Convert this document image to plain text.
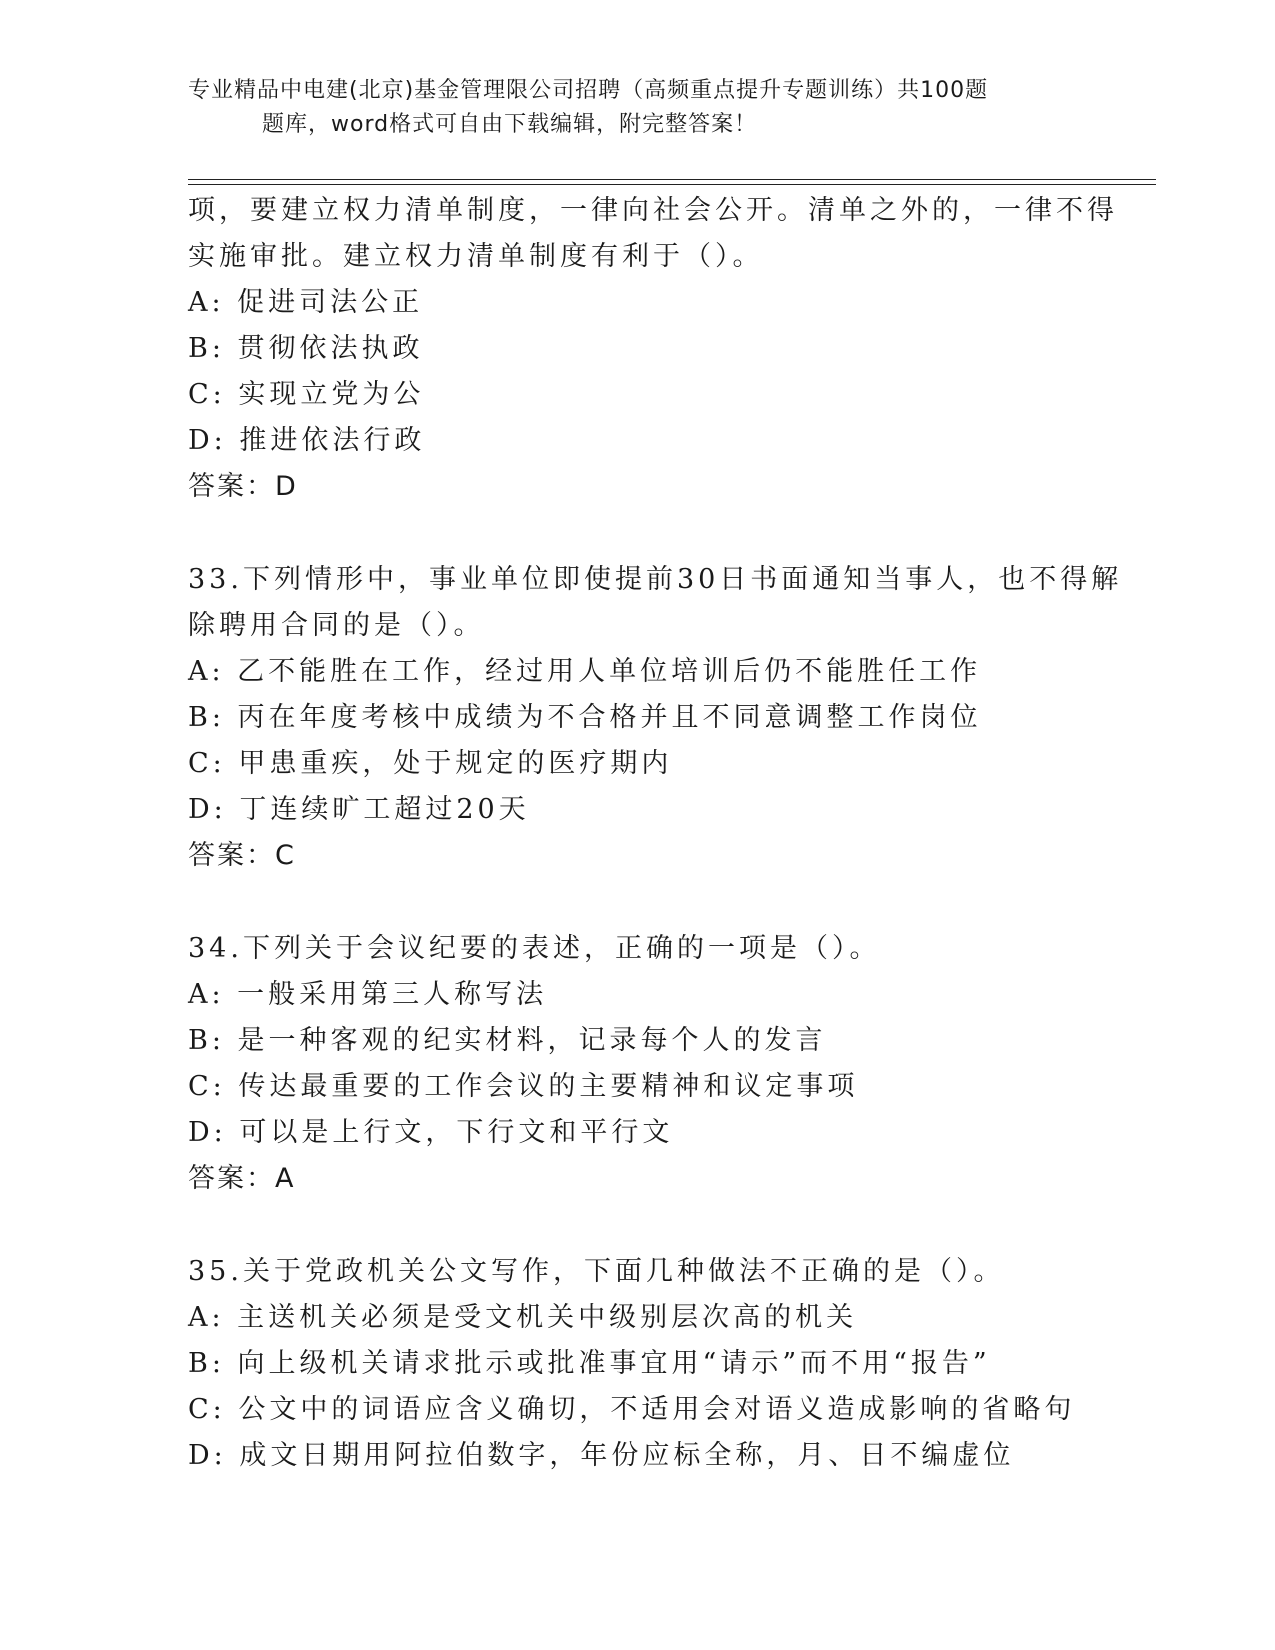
专业精品中电建(北京)基金管理限公司招聘（高频重点提升专题训练）共100题
题库，word格式可自由下载编辑，附完整答案！
项，要建立权力清单制度，一律向社会公开。清单之外的，一律不得
实施审批。建立权力清单制度有利于（）。
A: 促进司法公正
B: 贯彻依法执政
C: 实现立党为公
D: 推进依法行政
答案：D
33.下列情形中，事业单位即使提前30日书面通知当事人，也不得解
除聘用合同的是（）。
A: 乙不能胜在工作，经过用人单位培训后仍不能胜任工作
B: 丙在年度考核中成绩为不合格并且不同意调整工作岗位
C: 甲患重疾，处于规定的医疗期内
D: 丁连续旷工超过20天
答案：C
34.下列关于会议纪要的表述，正确的一项是（）。
A: 一般采用第三人称写法
B: 是一种客观的纪实材料，记录每个人的发言
C: 传达最重要的工作会议的主要精神和议定事项
D: 可以是上行文，下行文和平行文
答案：A
35.关于党政机关公文写作，下面几种做法不正确的是（）。
A: 主送机关必须是受文机关中级别层次高的机关
B: 向上级机关请求批示或批准事宜用“请示”而不用“报告”
C: 公文中的词语应含义确切，不适用会对语义造成影响的省略句
D: 成文日期用阿拉伯数字，年份应标全称，月、日不编虚位
